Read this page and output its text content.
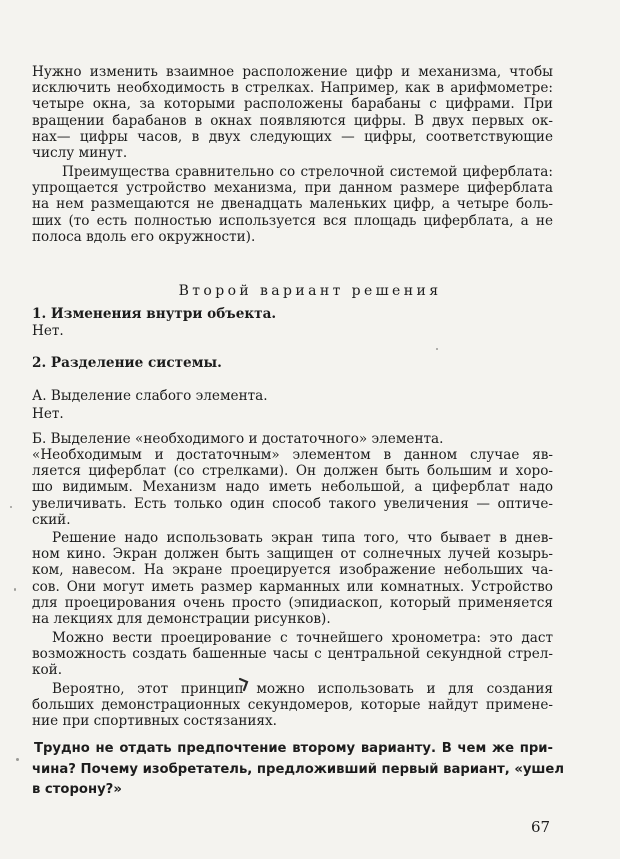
Нужно изменить взаимное расположение цифр и механизма, чтобы
исключить необходимость в стрелках. Например, как в арифмометре:
четыре окна, за которыми расположены барабаны с цифрами. При
вращении барабанов в окнах появляются цифры. В двух первых ок-
нах— цифры часов, в двух следующих — цифры, соответствующие
числу минут.
Преимущества сравнительно со стрелочной системой циферблата:
упрощается устройство механизма, при данном размере циферблата
на нем размещаются не двенадцать маленьких цифр, а четыре боль-
ших (то есть полностью используется вся площадь циферблата, а не
полоса вдоль его окружности).
Второй вариант решения
1. Изменения внутри объекта.
Нет.
2. Разделение системы.
А. Выделение слабого элемента.
Нет.
Б. Выделение «необходимого и достаточного» элемента.
«Необходимым и достаточным» элементом в данном случае яв-
ляется циферблат (со стрелками). Он должен быть большим и хоро-
шо видимым. Механизм надо иметь небольшой, а циферблат надо
увеличивать. Есть только один способ такого увеличения — оптиче-
ский.
Решение надо использовать экран типа того, что бывает в днев-
ном кино. Экран должен быть защищен от солнечных лучей козырь-
ком, навесом. На экране проецируется изображение небольших ча-
сов. Они могут иметь размер карманных или комнатных. Устройство
для проецирования очень просто (эпидиаскоп, который применяется
на лекциях для демонстрации рисунков).
Можно вести проецирование с точнейшего хронометра: это даст
возможность создать башенные часы с центральной секундной стрел-
кой.
Вероятно, этот принцип можно использовать и для создания
больших демонстрационных секундомеров, которые найдут примене-
ние при спортивных состязаниях.
Трудно не отдать предпочтение второму варианту. В чем же при-
чина? Почему изобретатель, предложивший первый вариант, «ушел
в сторону?»
67
